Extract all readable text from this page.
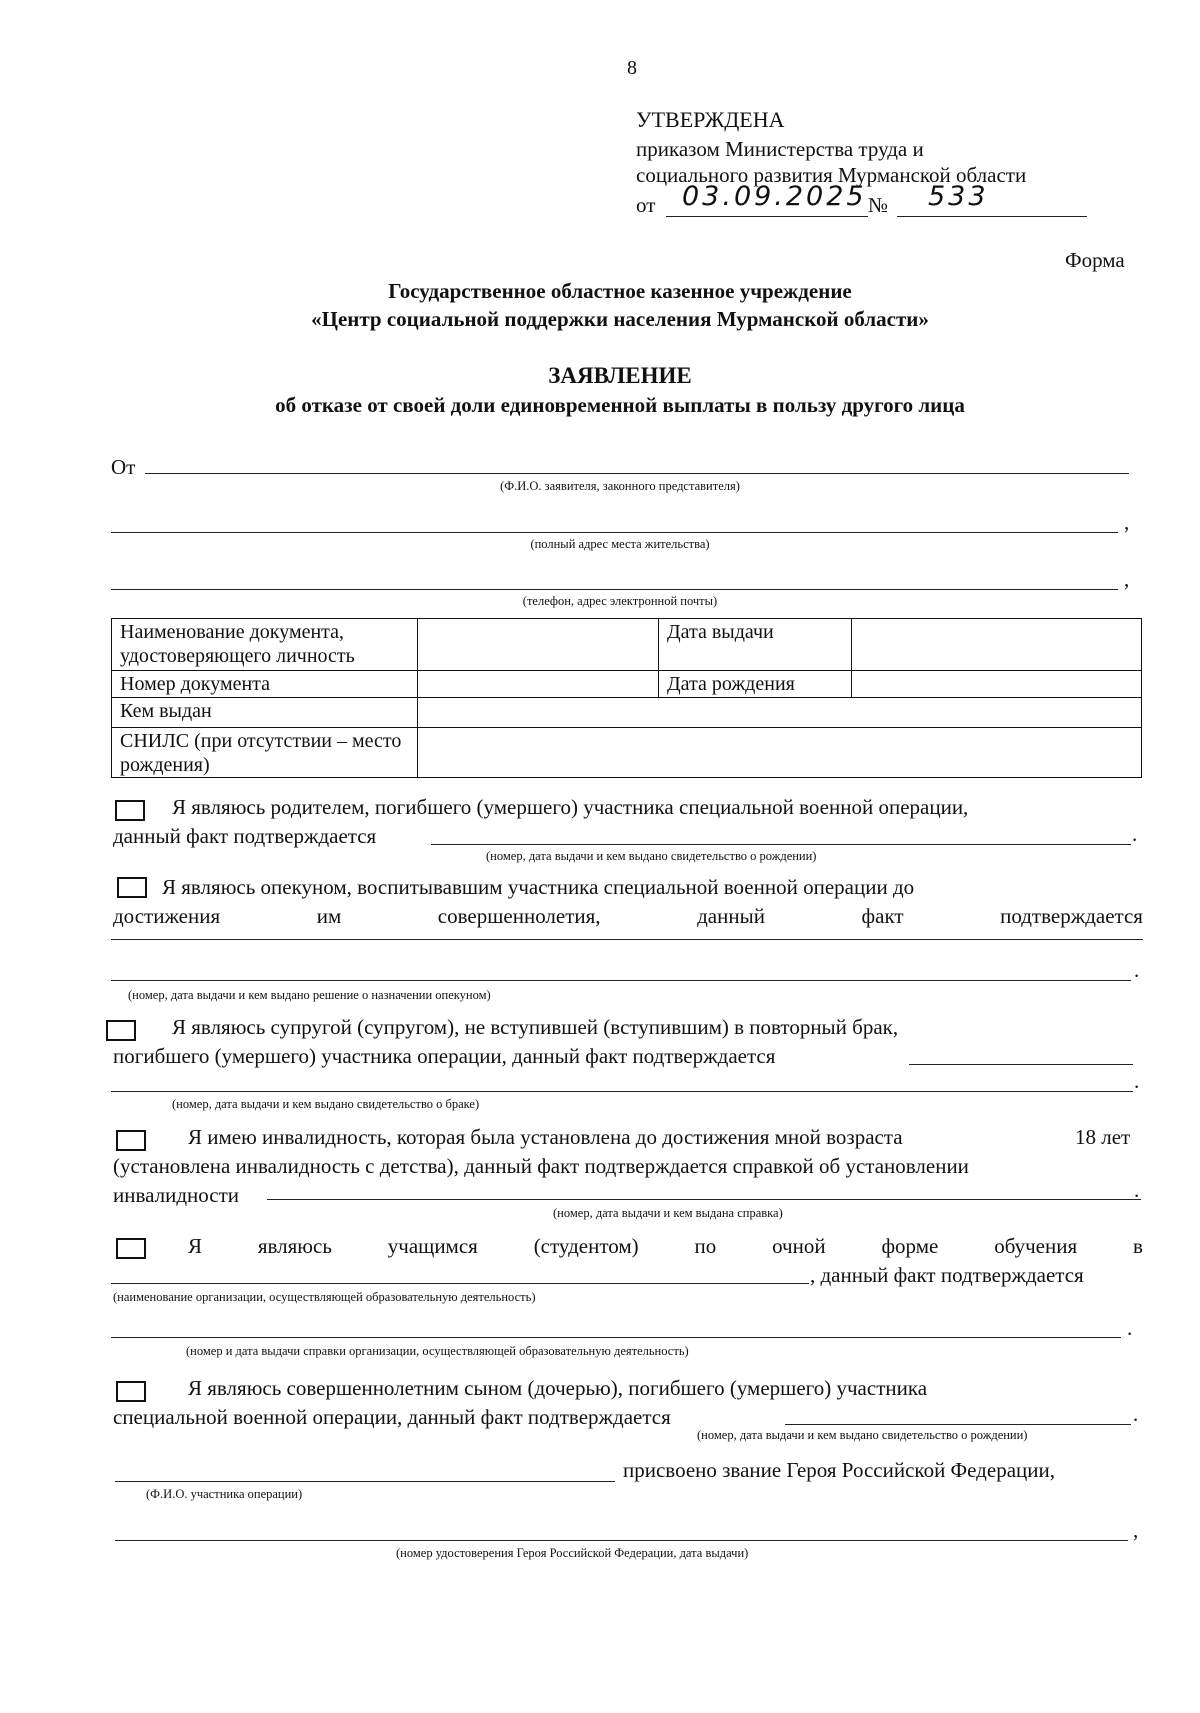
8
УТВЕРЖДЕНА
приказом Министерства труда и
социального развития Мурманской области
от 03.09.2025 № 533
Форма
Государственное областное казенное учреждение
«Центр социальной поддержки населения Мурманской области»
ЗАЯВЛЕНИЕ
об отказе от своей доли единовременной выплаты в пользу другого лица
От
(Ф.И.О. заявителя, законного представителя)
,
(полный адрес места жительства)
,
(телефон, адрес электронной почты)
Наименование документа, удостоверяющего личность		Дата выдачи	
Номер документа		Дата рождения	
Кем выдан			
СНИЛС (при отсутствии – место рождения)			
Я являюсь родителем, погибшего (умершего) участника специальной военной операции,
данный факт подтверждается	.
(номер, дата выдачи и кем выдано свидетельство о рождении)
Я являюсь опекуном, воспитывавшим участника специальной военной операции до
достижения	им	совершеннолетия,	данный	факт	подтверждается
.
(номер, дата выдачи и кем выдано решение о назначении опекуном)
Я являюсь супругой (супругом), не вступившей (вступившим) в повторный брак,
погибшего (умершего) участника операции, данный факт подтверждается
.
(номер, дата выдачи и кем выдано свидетельство о браке)
Я имею инвалидность, которая была установлена до достижения мной возраста	18 лет
(установлена инвалидность с детства), данный факт подтверждается справкой об установлении
инвалидности	.
(номер, дата выдачи и кем выдана справка)
Я	являюсь	учащимся	(студентом)	по	очной	форме	обучения	в
, данный факт подтверждается
(наименование организации, осуществляющей образовательную деятельность)
.
(номер и дата выдачи справки организации, осуществляющей образовательную деятельность)
Я являюсь совершеннолетним сыном (дочерью), погибшего (умершего) участника
специальной военной операции, данный факт подтверждается	.
(номер, дата выдачи и кем выдано свидетельство о рождении)
присвоено звание Героя Российской Федерации,
(Ф.И.О. участника операции)
,
(номер удостоверения Героя Российской Федерации, дата выдачи)
